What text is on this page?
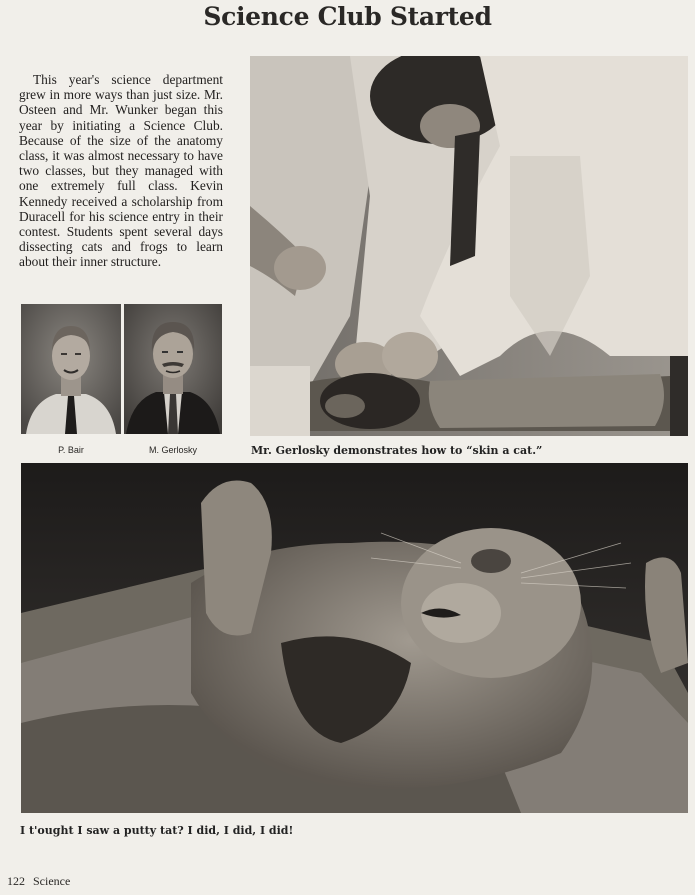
Science Club Started

This year's science department grew in more ways than just size. Mr. Osteen and Mr. Wunker began this year by initiating a Science Club. Because of the size of the anatomy class, it was almost necessary to have two classes, but they managed with one extremely full class. Kevin Kennedy received a scholarship from Duracell for his science entry in their contest. Students spent several days dissecting cats and frogs to learn about their inner structure.

P. Bair	M. Gerlosky	Mr. Gerlosky demonstrates how to “skin a cat.”
I t'ought I saw a putty tat? I did, I did, I did!
122 Science
